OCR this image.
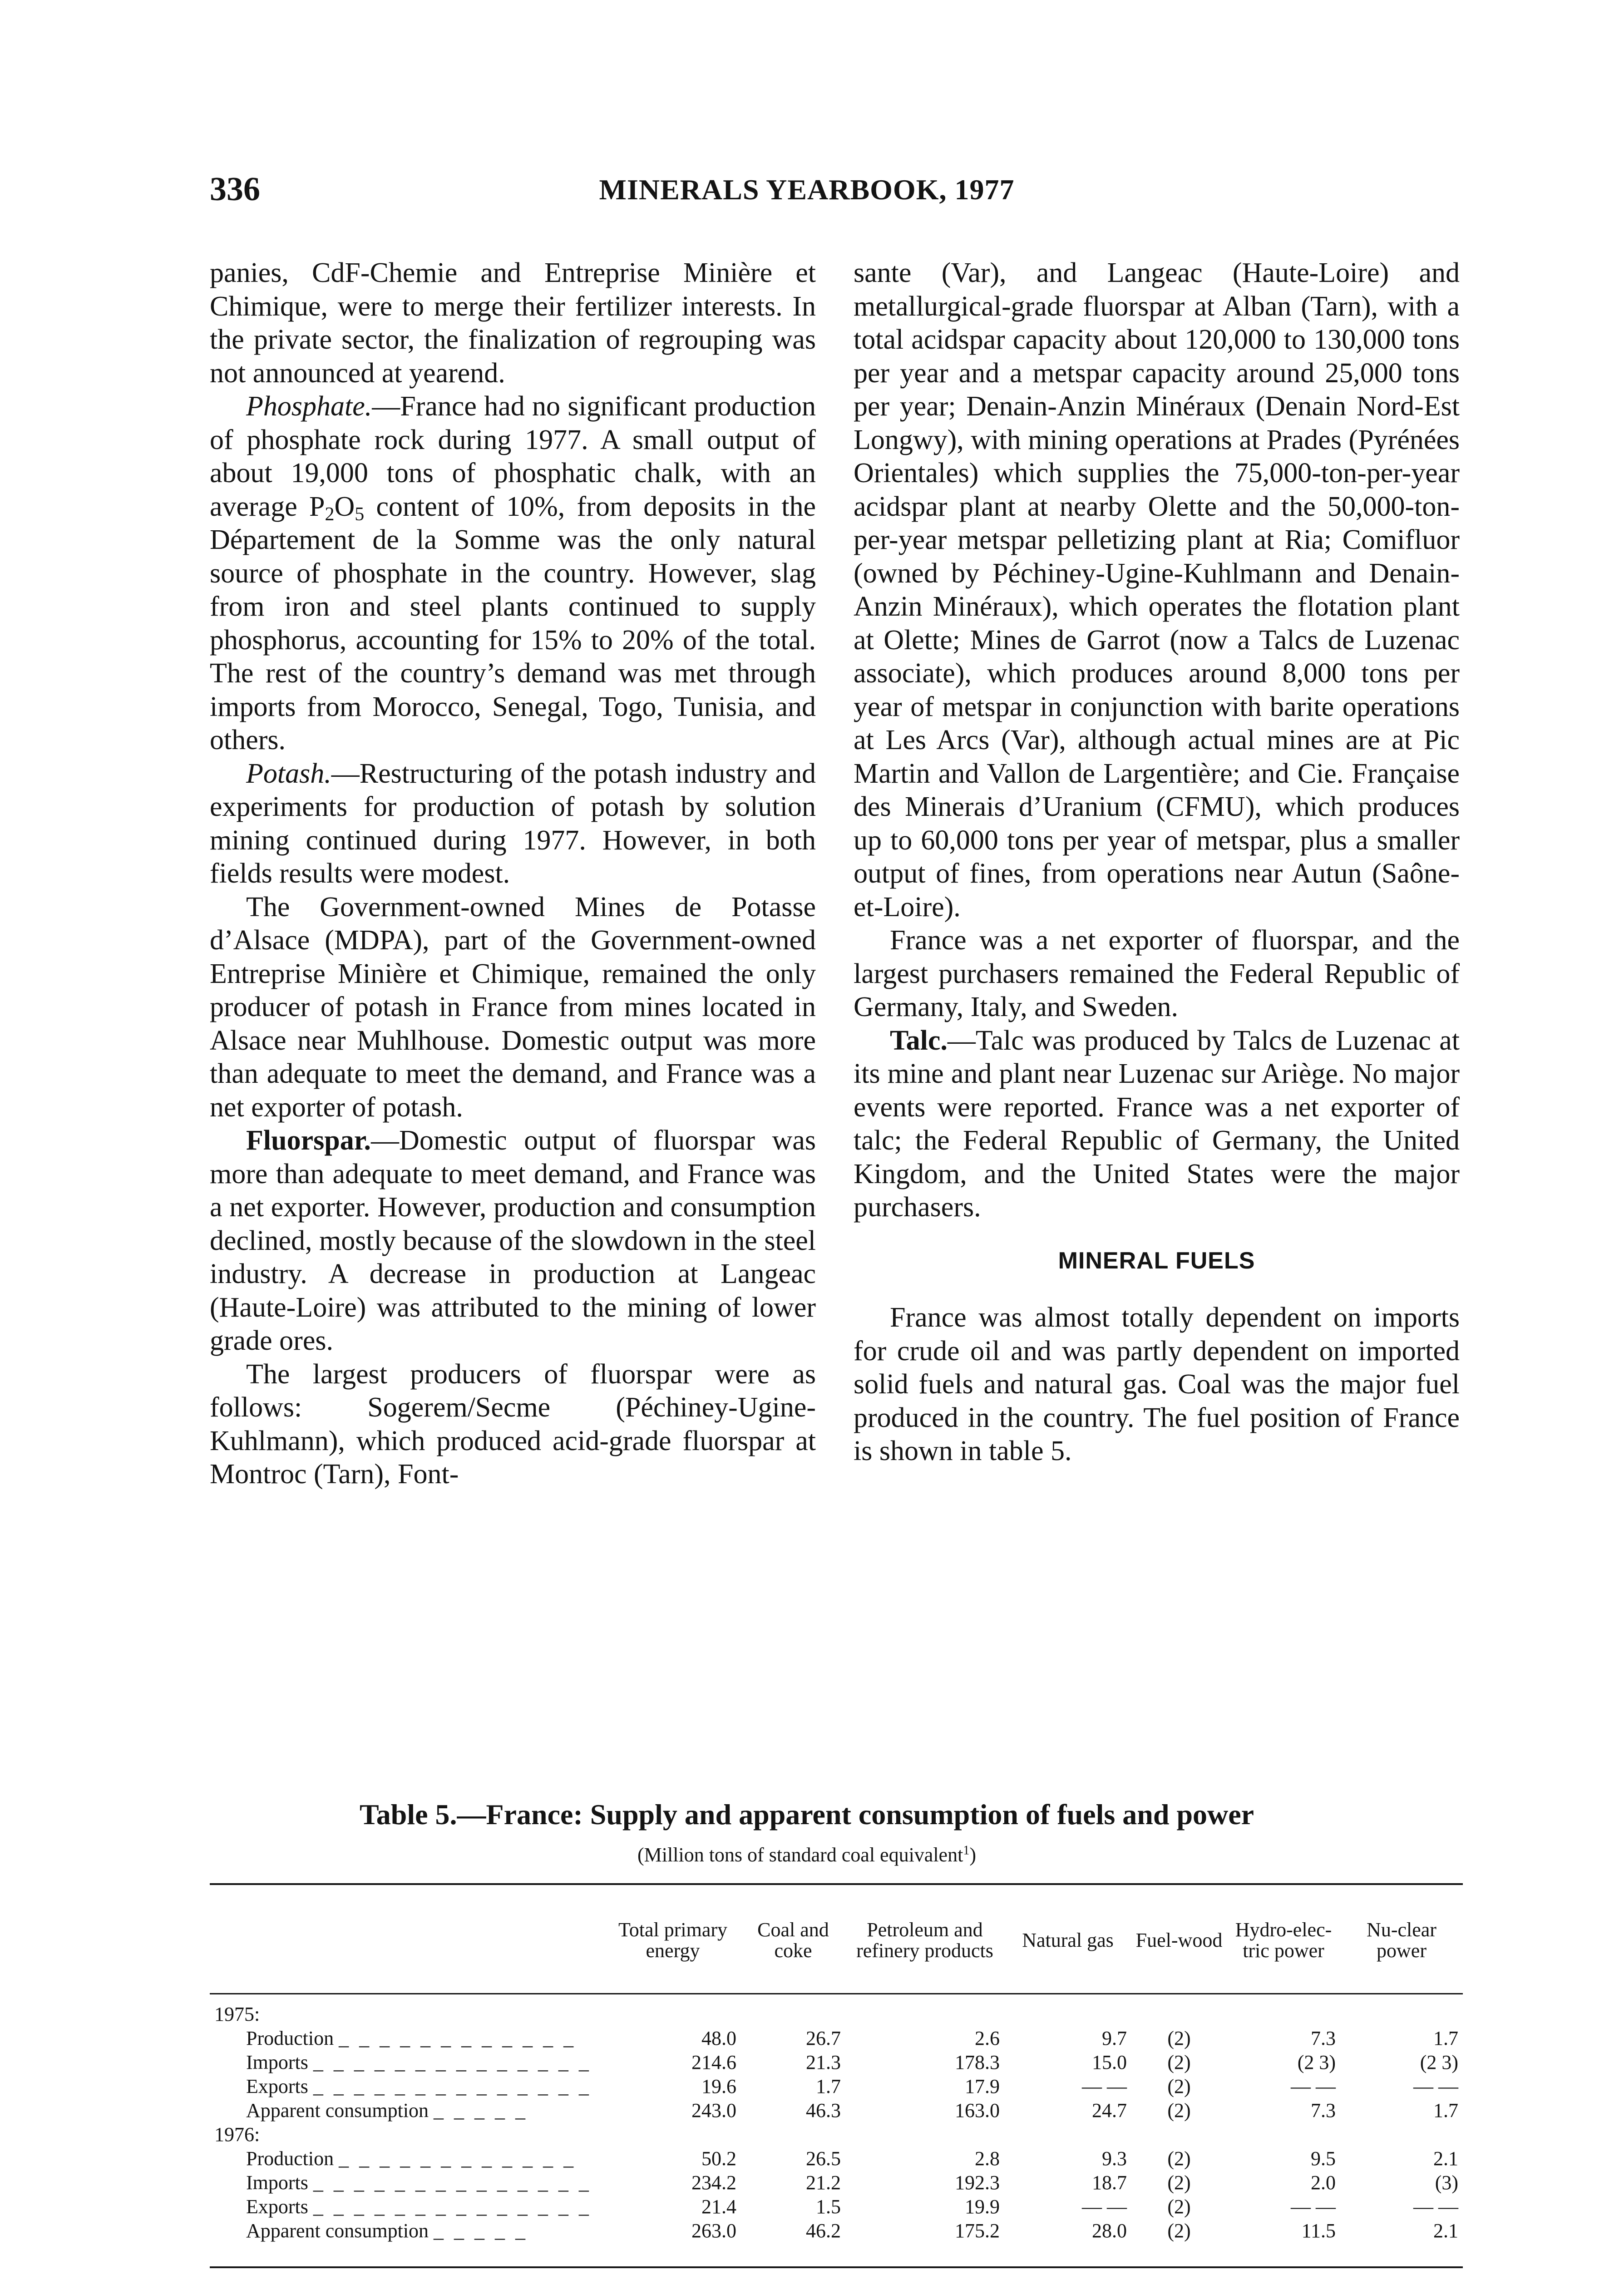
336	MINERALS YEARBOOK, 1977

panies, CdF-Chemie and Entreprise Minière et Chimique, were to merge their fertilizer interests. In the private sector, the finalization of regrouping was not announced at yearend.

Phosphate.—France had no significant production of phosphate rock during 1977. A small output of about 19,000 tons of phosphatic chalk, with an average $P_2O_5$ content of 10%, from deposits in the Département de la Somme was the only natural source of phosphate in the country. However, slag from iron and steel plants continued to supply phosphorus, accounting for 15% to 20% of the total. The rest of the country’s demand was met through imports from Morocco, Senegal, Togo, Tunisia, and others.

Potash.—Restructuring of the potash industry and experiments for production of potash by solution mining continued during 1977. However, in both fields results were modest.

The Government-owned Mines de Potasse d’Alsace (MDPA), part of the Government-owned Entreprise Minière et Chimique, remained the only producer of potash in France from mines located in Alsace near Muhlhouse. Domestic output was more than adequate to meet the demand, and France was a net exporter of potash.

Fluorspar.—Domestic output of fluorspar was more than adequate to meet demand, and France was a net exporter. However, production and consumption declined, mostly because of the slowdown in the steel industry. A decrease in production at Langeac (Haute-Loire) was attributed to the mining of lower grade ores.

The largest producers of fluorspar were as follows: Sogerem/Secme (Péchiney-Ugine-Kuhlmann), which produced acid-grade fluorspar at Montroc (Tarn), Font-

sante (Var), and Langeac (Haute-Loire) and metallurgical-grade fluorspar at Alban (Tarn), with a total acidspar capacity about 120,000 to 130,000 tons per year and a metspar capacity around 25,000 tons per year; Denain-Anzin Minéraux (Denain Nord-Est Longwy), with mining operations at Prades (Pyrénées Orientales) which supplies the 75,000-ton-per-year acidspar plant at nearby Olette and the 50,000-ton-per-year metspar pelletizing plant at Ria; Comifluor (owned by Péchiney-Ugine-Kuhlmann and Denain-Anzin Minéraux), which operates the flotation plant at Olette; Mines de Garrot (now a Talcs de Luzenac associate), which produces around 8,000 tons per year of metspar in conjunction with barite operations at Les Arcs (Var), although actual mines are at Pic Martin and Vallon de Largentière; and Cie. Française des Minerais d’Uranium (CFMU), which produces up to 60,000 tons per year of metspar, plus a smaller output of fines, from operations near Autun (Saône-et-Loire).

France was a net exporter of fluorspar, and the largest purchasers remained the Federal Republic of Germany, Italy, and Sweden.

Talc.—Talc was produced by Talcs de Luzenac at its mine and plant near Luzenac sur Ariège. No major events were reported. France was a net exporter of talc; the Federal Republic of Germany, the United Kingdom, and the United States were the major purchasers.

MINERAL FUELS

France was almost totally dependent on imports for crude oil and was partly dependent on imported solid fuels and natural gas. Coal was the major fuel produced in the country. The fuel position of France is shown in table 5.

Table 5.—France: Supply and apparent consumption of fuels and power
(Million tons of standard coal equivalent$^1$)
	Total primary energy	Coal and coke	Petroleum and refinery products	Natural gas	Fuel-wood	Hydro-elec-tric power	Nu-clear power

1975:							
Production _ _ _ _ _ _ _ _ _ _ _ _	48.0	26.7	2.6	9.7	(2)	7.3	1.7
Imports _ _ _ _ _ _ _ _ _ _ _ _ _ _	214.6	21.3	178.3	15.0	(2)	(2 3)	(2 3)
Exports _ _ _ _ _ _ _ _ _ _ _ _ _ _	19.6	1.7	17.9	— —	(2)	— —	— —
Apparent consumption _ _ _ _ _	243.0	46.3	163.0	24.7	(2)	7.3	1.7
1976:							
Production _ _ _ _ _ _ _ _ _ _ _ _	50.2	26.5	2.8	9.3	(2)	9.5	2.1
Imports _ _ _ _ _ _ _ _ _ _ _ _ _ _	234.2	21.2	192.3	18.7	(2)	2.0	(3)
Exports _ _ _ _ _ _ _ _ _ _ _ _ _ _	21.4	1.5	19.9	— —	(2)	— —	— —
Apparent consumption _ _ _ _ _	263.0	46.2	175.2	28.0	(2)	11.5	2.1
